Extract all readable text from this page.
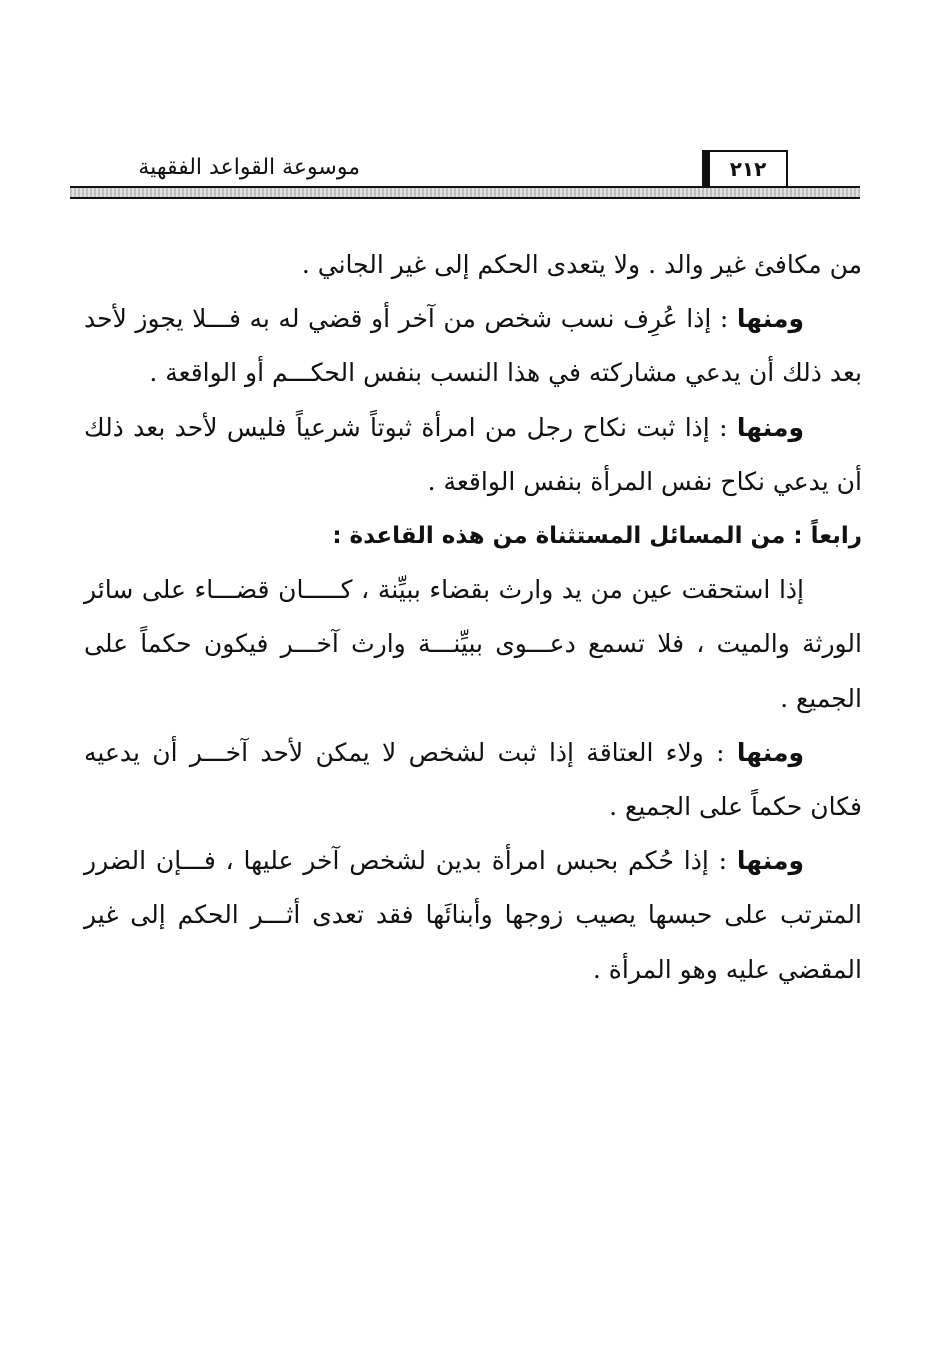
موسوعة القواعد الفقهية	٢١٢

من مكافئ غير والد . ولا يتعدى الحكم إلى غير الجاني .

ومنها : إذا عُرِف نسب شخص من آخر أو قضي له به فـــلا يجوز لأحد بعد ذلك أن يدعي مشاركته في هذا النسب بنفس الحكـــم أو الواقعة .

ومنها : إذا ثبت نكاح رجل من امرأة ثبوتاً شرعياً فليس لأحد بعد ذلك أن يدعي نكاح نفس المرأة بنفس الواقعة .

رابعاً : من المسائل المستثناة من هذه القاعدة :

إذا استحقت عين من يد وارث بقضاء ببيِّنة ، كـــــان قضـــاء على سائر الورثة والميت ، فلا تسمع دعـــوى ببيِّنـــة وارث آخـــر فيكون حكماً على الجميع .

ومنها : ولاء العتاقة إذا ثبت لشخص لا يمكن لأحد آخـــر أن يدعيه فكان حكماً على الجميع .

ومنها : إذا حُكم بحبس امرأة بدين لشخص آخر عليها ، فـــإن الضرر المترتب على حبسها يصيب زوجها وأبنائَها فقد تعدى أثـــر الحكم إلى غير المقضي عليه وهو المرأة .
